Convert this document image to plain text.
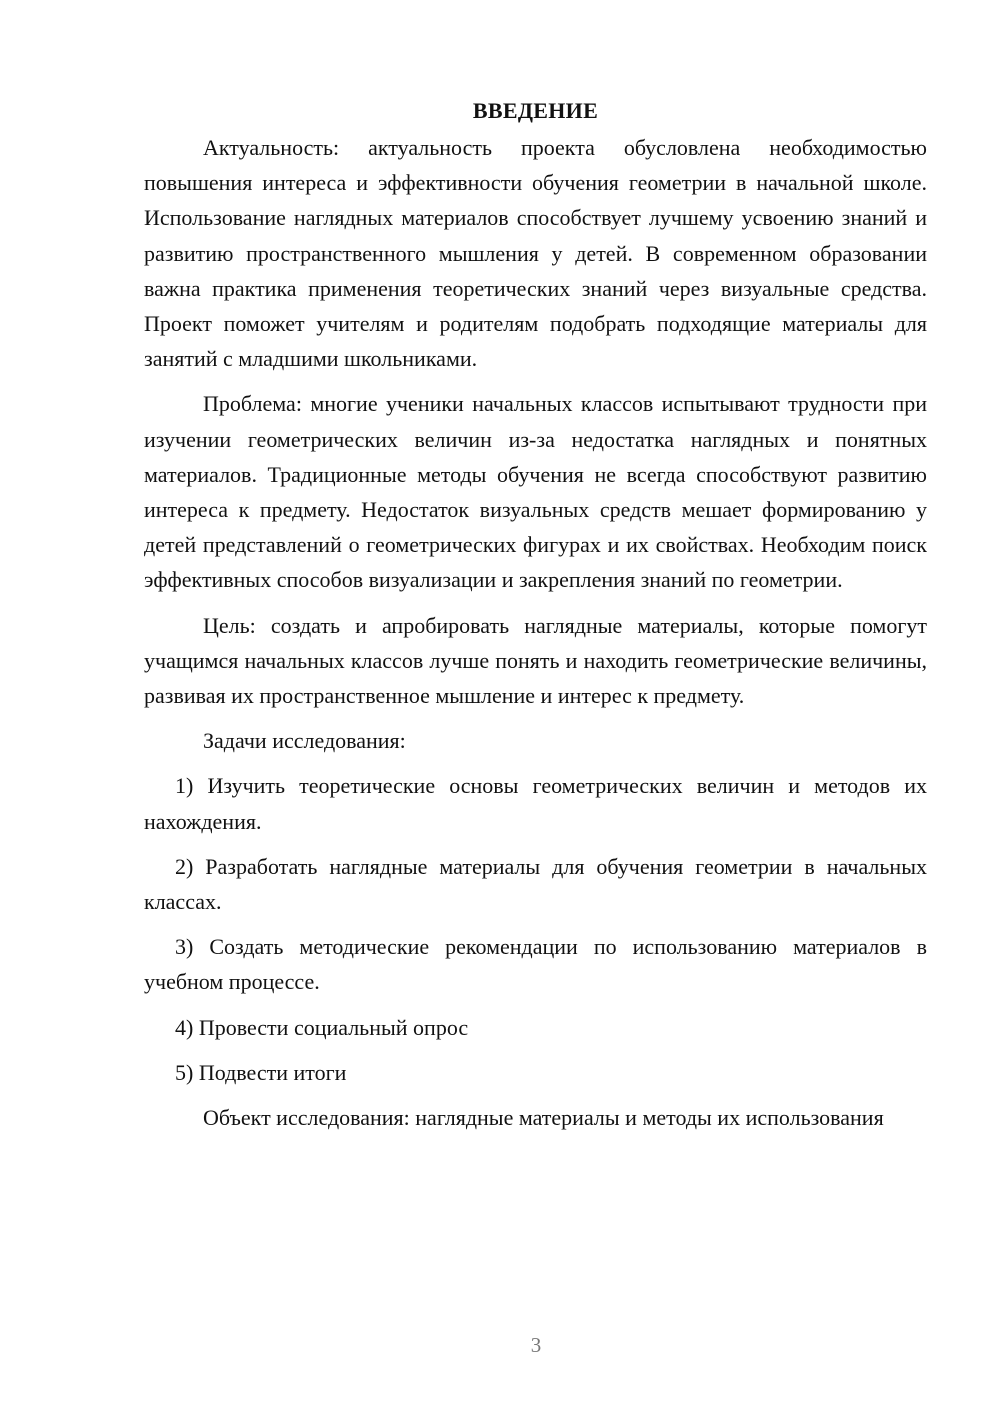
ВВЕДЕНИЕ

Актуальность: актуальность проекта обусловлена необходимостью повышения интереса и эффективности обучения геометрии в начальной школе. Использование наглядных материалов способствует лучшему усвоению знаний и развитию пространственного мышления у детей. В современном образовании важна практика применения теоретических знаний через визуальные средства. Проект поможет учителям и родителям подобрать подходящие материалы для занятий с младшими школьниками.

Проблема: многие ученики начальных классов испытывают трудности при изучении геометрических величин из-за недостатка наглядных и понятных материалов. Традиционные методы обучения не всегда способствуют развитию интереса к предмету. Недостаток визуальных средств мешает формированию у детей представлений о геометрических фигурах и их свойствах. Необходим поиск эффективных способов визуализации и закрепления знаний по геометрии.

Цель: создать и апробировать наглядные материалы, которые помогут учащимся начальных классов лучше понять и находить геометрические величины, развивая их пространственное мышление и интерес к предмету.

Задачи исследования:

1) Изучить теоретические основы геометрических величин и методов их нахождения.

2) Разработать наглядные материалы для обучения геометрии в начальных классах.

3) Создать методические рекомендации по использованию материалов в учебном процессе.

4) Провести социальный опрос

5) Подвести итоги

Объект исследования: наглядные материалы и методы их использования

3
